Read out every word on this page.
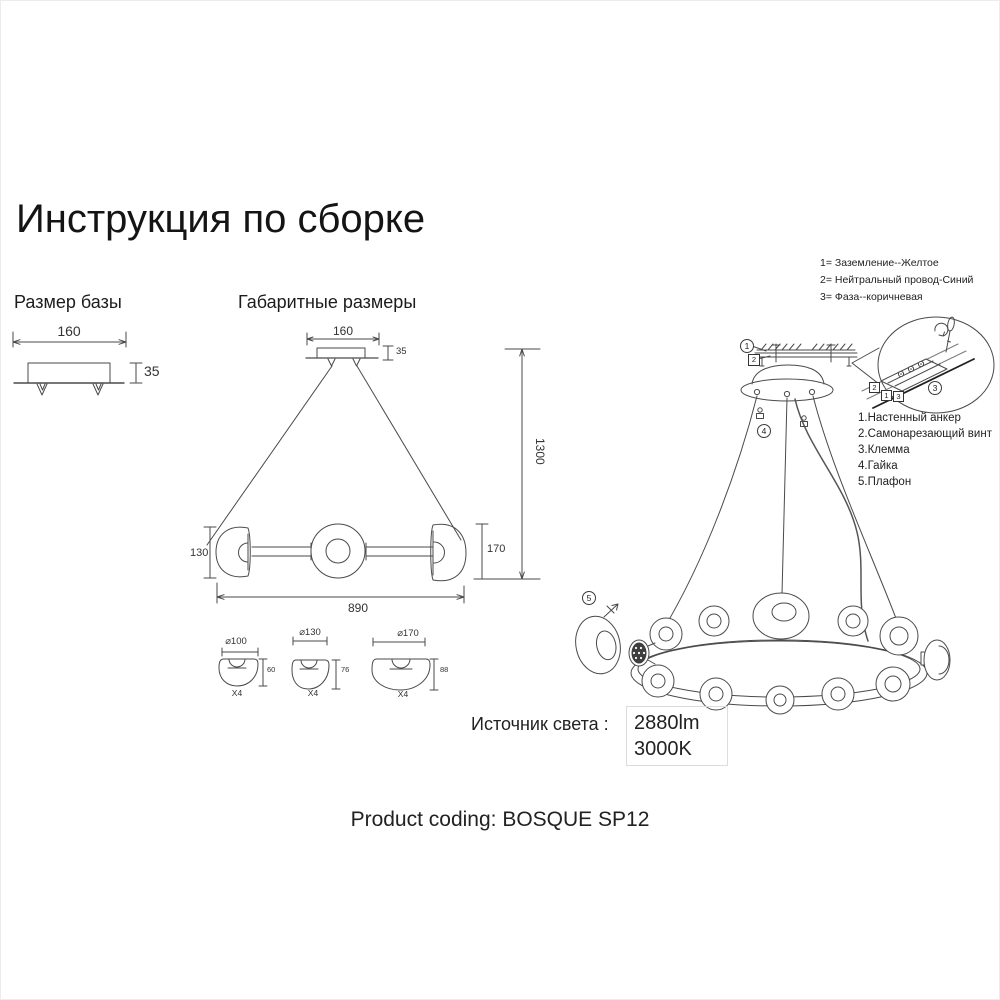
Инструкция по сборке
Размер базы	Габаритные размеры
160
35
160
35
1300
130	170
890
⌀100
60
X4
⌀130
76
X4
⌀170
88
X4
1= Заземление--Желтое
2= Нейтральный провод-Синий
3= Фаза--коричневая
1.Настенный анкер
2.Самонарезающий винт
3.Клемма
4.Гайка
5.Плафон
1
2
4
3
5
2
1	3
Источник света : 2880lm
3000K
Product coding: BOSQUE SP12
